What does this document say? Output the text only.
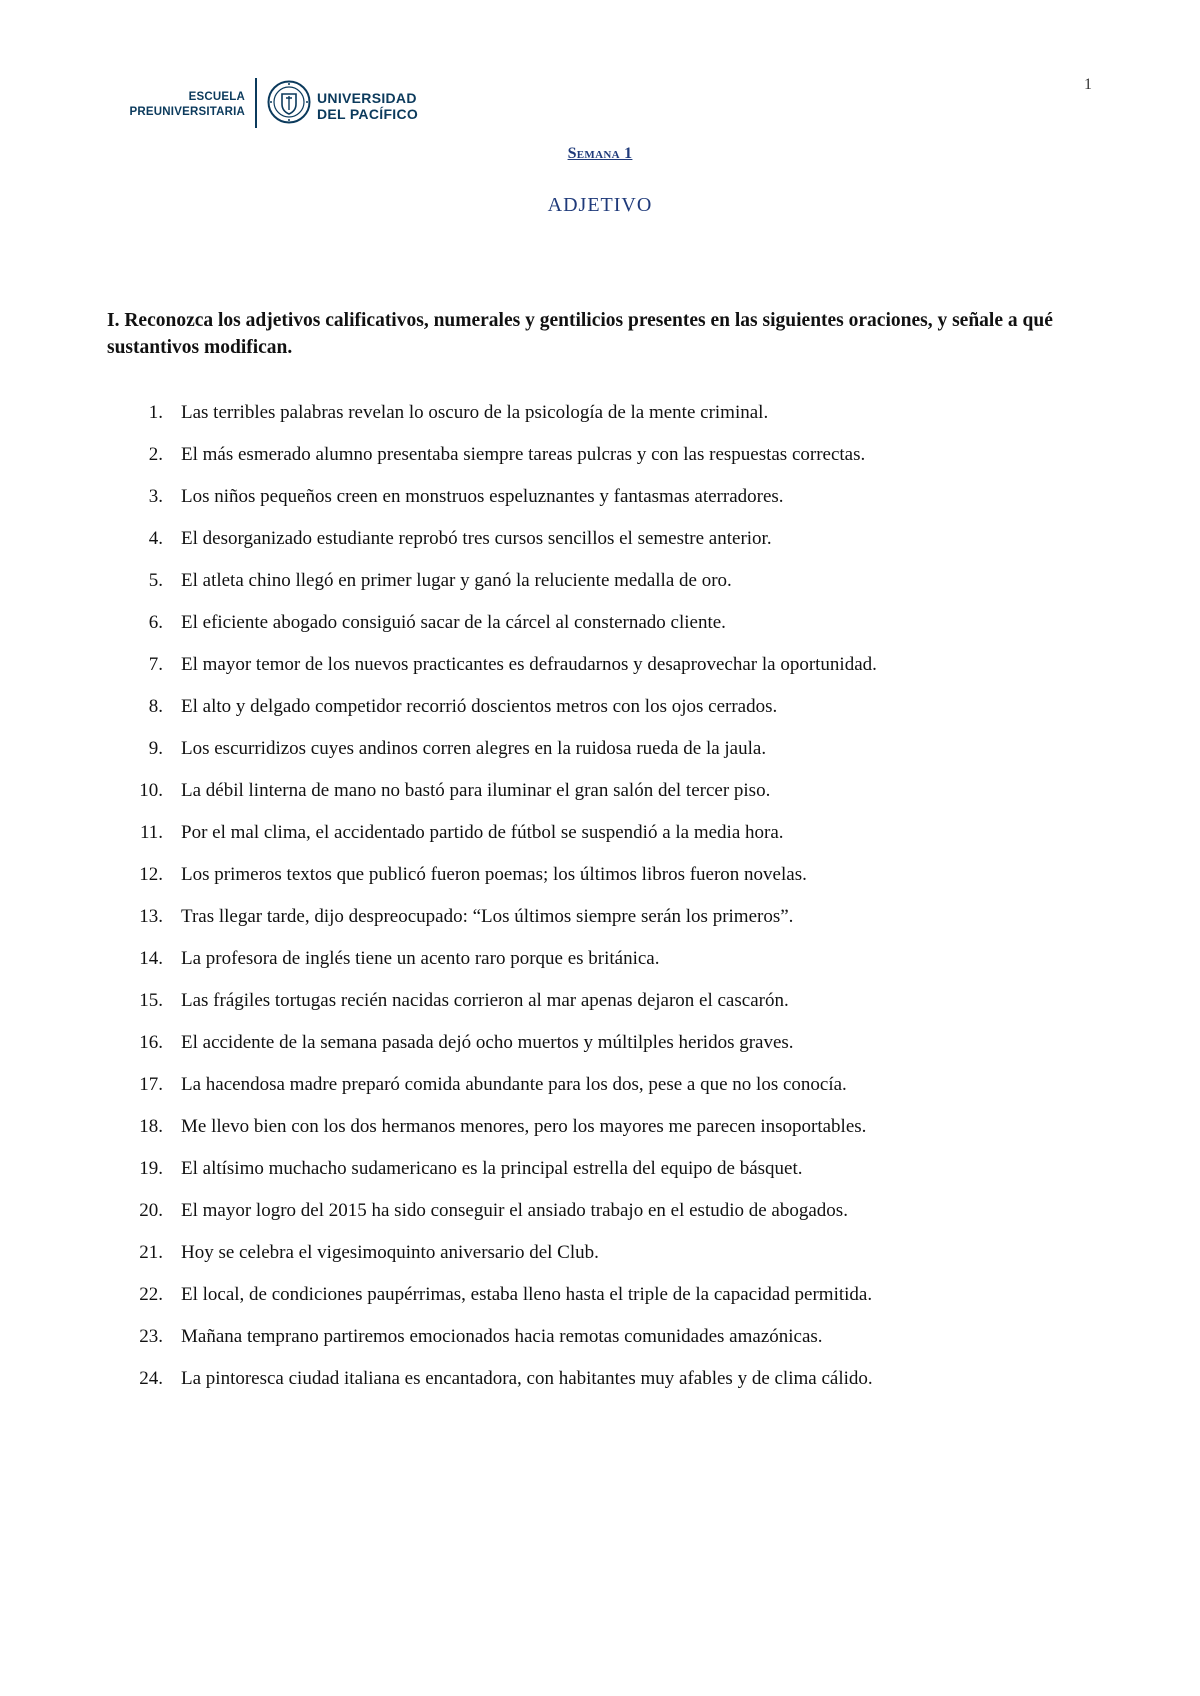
ESCUELA
PREUNIVERSITARIA
UNIVERSIDAD
DEL PACÍFICO
1
Semana 1
ADJETIVO
I. Reconozca los adjetivos calificativos, numerales y gentilicios presentes en las siguientes oraciones, y señale a qué sustantivos modifican.
1. Las terribles palabras revelan lo oscuro de la psicología de la mente criminal.
2. El más esmerado alumno presentaba siempre tareas pulcras y con las respuestas correctas.
3. Los niños pequeños creen en monstruos espeluznantes y fantasmas aterradores.
4. El desorganizado estudiante reprobó tres cursos sencillos el semestre anterior.
5. El atleta chino llegó en primer lugar y ganó la reluciente medalla de oro.
6. El eficiente abogado consiguió sacar de la cárcel al consternado cliente.
7. El mayor temor de los nuevos practicantes es defraudarnos y desaprovechar la oportunidad.
8. El alto y delgado competidor recorrió doscientos metros con los ojos cerrados.
9. Los escurridizos cuyes andinos corren alegres en la ruidosa rueda de la jaula.
10. La débil linterna de mano no bastó para iluminar el gran salón del tercer piso.
11. Por el mal clima, el accidentado partido de fútbol se suspendió a la media hora.
12. Los primeros textos que publicó fueron poemas; los últimos libros fueron novelas.
13. Tras llegar tarde, dijo despreocupado: “Los últimos siempre serán los primeros”.
14. La profesora de inglés tiene un acento raro porque es británica.
15. Las frágiles tortugas recién nacidas corrieron al mar apenas dejaron el cascarón.
16. El accidente de la semana pasada dejó ocho muertos y múltilples heridos graves.
17. La hacendosa madre preparó comida abundante para los dos, pese a que no los conocía.
18. Me llevo bien con los dos hermanos menores, pero los mayores me parecen insoportables.
19. El altísimo muchacho sudamericano es la principal estrella del equipo de básquet.
20. El mayor logro del 2015 ha sido conseguir el ansiado trabajo en el estudio de abogados.
21. Hoy se celebra el vigesimoquinto aniversario del Club.
22. El local, de condiciones paupérrimas, estaba lleno hasta el triple de la capacidad permitida.
23. Mañana temprano partiremos emocionados hacia remotas comunidades amazónicas.
24. La pintoresca ciudad italiana es encantadora, con habitantes muy afables y de clima cálido.
